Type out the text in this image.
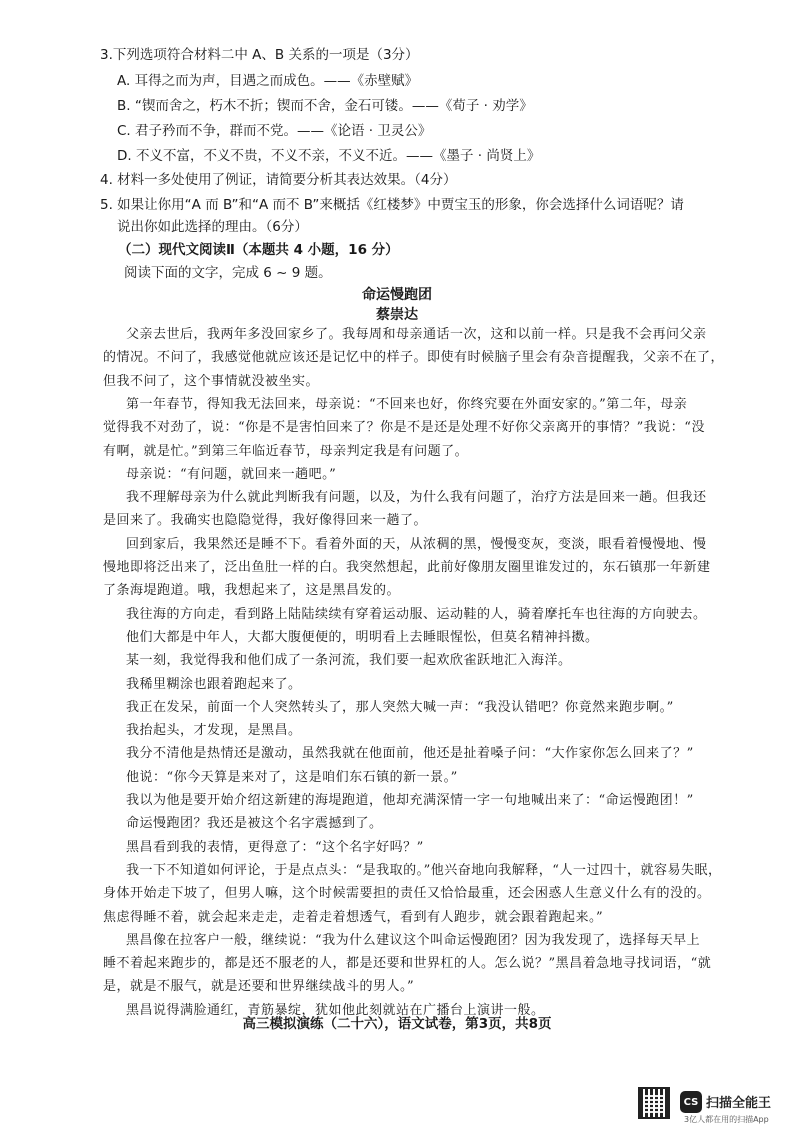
3.下列选项符合材料二中 A、B 关系的一项是（3分）
A. 耳得之而为声，目遇之而成色。——《赤壁赋》
B. “锲而舍之，朽木不折；锲而不舍，金石可镂。——《荀子 · 劝学》
C. 君子矜而不争，群而不党。——《论语 · 卫灵公》
D. 不义不富，不义不贵，不义不亲，不义不近。——《墨子 · 尚贤上》
4. 材料一多处使用了例证，请简要分析其表达效果。（4分）
5. 如果让你用“A 而 B”和“A 而不 B”来概括《红楼梦》中贾宝玉的形象，你会选择什么词语呢？请
说出你如此选择的理由。（6分）
（二）现代文阅读Ⅱ（本题共 4 小题，16 分）
阅读下面的文字，完成 6 ~ 9 题。
命运慢跑团
蔡崇达
父亲去世后，我两年多没回家乡了。我每周和母亲通话一次，这和以前一样。只是我不会再问父亲
的情况。不问了，我感觉他就应该还是记忆中的样子。即使有时候脑子里会有杂音提醒我，父亲不在了，
但我不问了，这个事情就没被坐实。
第一年春节，得知我无法回来，母亲说：“不回来也好，你终究要在外面安家的。”第二年，母亲
觉得我不对劲了，说：“你是不是害怕回来了？你是不是还是处理不好你父亲离开的事情？”我说：“没
有啊，就是忙。”到第三年临近春节，母亲判定我是有问题了。
母亲说：“有问题，就回来一趟吧。”
我不理解母亲为什么就此判断我有问题，以及，为什么我有问题了，治疗方法是回来一趟。但我还
是回来了。我确实也隐隐觉得，我好像得回来一趟了。
回到家后，我果然还是睡不下。看着外面的天，从浓稠的黑，慢慢变灰，变淡，眼看着慢慢地、慢
慢地即将泛出来了，泛出鱼肚一样的白。我突然想起，此前好像朋友圈里谁发过的，东石镇那一年新建
了条海堤跑道。哦，我想起来了，这是黑昌发的。
我往海的方向走，看到路上陆陆续续有穿着运动服、运动鞋的人，骑着摩托车也往海的方向驶去。
他们大都是中年人，大都大腹便便的，明明看上去睡眼惺忪，但莫名精神抖擞。
某一刻，我觉得我和他们成了一条河流，我们要一起欢欣雀跃地汇入海洋。
我稀里糊涂也跟着跑起来了。
我正在发呆，前面一个人突然转头了，那人突然大喊一声：“我没认错吧？你竟然来跑步啊。”
我抬起头，才发现，是黑昌。
我分不清他是热情还是激动，虽然我就在他面前，他还是扯着嗓子问：“大作家你怎么回来了？”
他说：“你今天算是来对了，这是咱们东石镇的新一景。”
我以为他是要开始介绍这新建的海堤跑道，他却充满深情一字一句地喊出来了：“命运慢跑团！”
命运慢跑团？我还是被这个名字震撼到了。
黑昌看到我的表情，更得意了：“这个名字好吗？”
我一下不知道如何评论，于是点点头：“是我取的。”他兴奋地向我解释，“人一过四十，就容易失眠，
身体开始走下坡了，但男人嘛，这个时候需要担的责任又恰恰最重，还会困惑人生意义什么有的没的。
焦虑得睡不着，就会起来走走，走着走着想透气，看到有人跑步，就会跟着跑起来。”
黑昌像在拉客户一般，继续说：“我为什么建议这个叫命运慢跑团？因为我发现了，选择每天早上
睡不着起来跑步的，都是还不服老的人，都是还要和世界杠的人。怎么说？”黑昌着急地寻找词语，“就
是，就是不服气，就是还要和世界继续战斗的男人。”
黑昌说得满脸通红，青筋暴绽，犹如他此刻就站在广播台上演讲一般。
高三模拟演练（二十六），语文试卷，第3页，共8页
CS 扫描全能王
3亿人都在用的扫描App
